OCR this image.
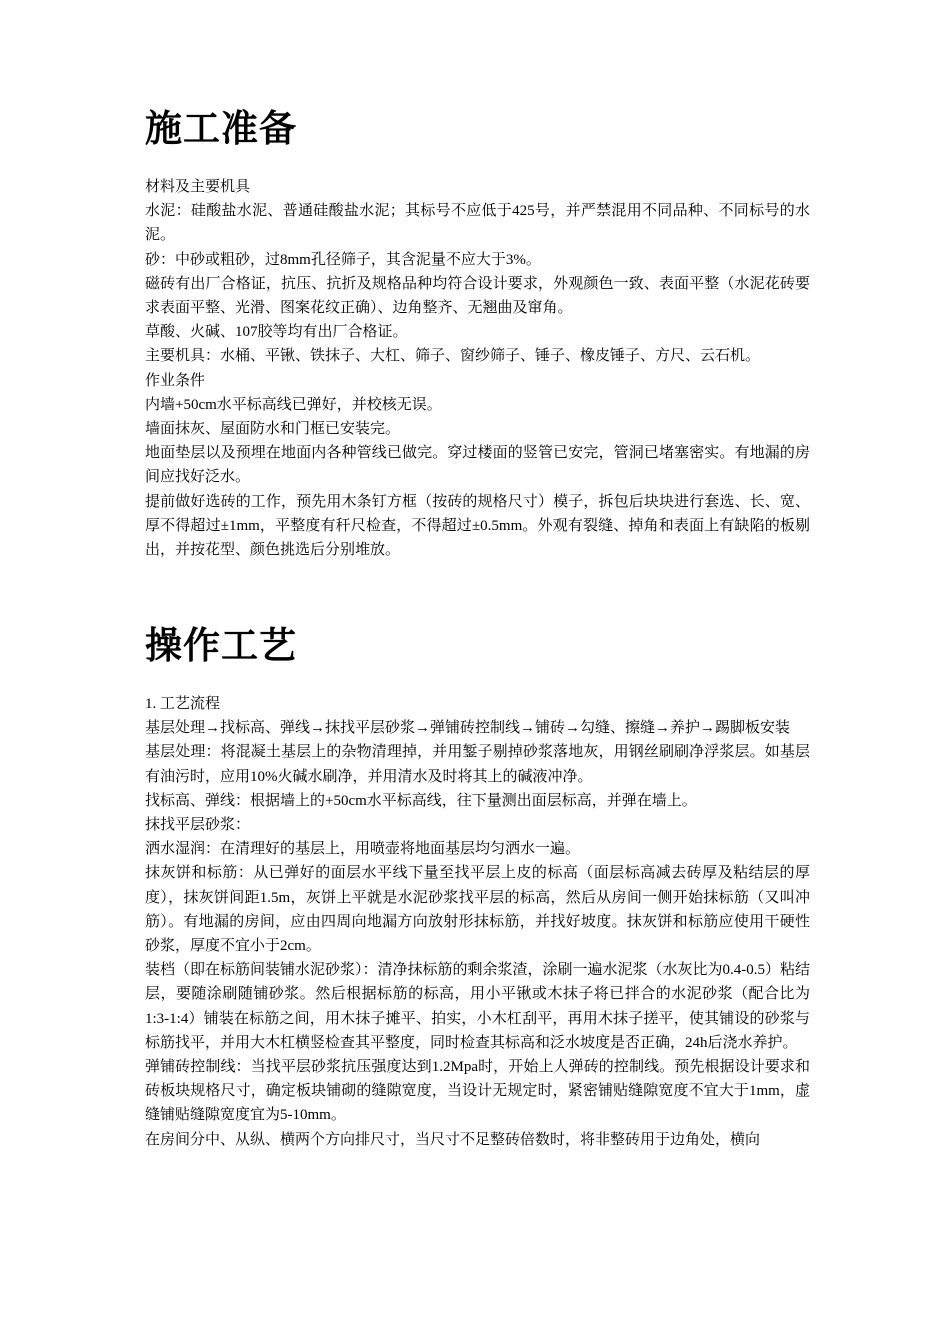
施工准备

材料及主要机具

水泥：硅酸盐水泥、普通硅酸盐水泥；其标号不应低于425号，并严禁混用不同品种、不同标号的水泥。

砂：中砂或粗砂，过8mm孔径筛子，其含泥量不应大于3%。

磁砖有出厂合格证，抗压、抗折及规格品种均符合设计要求，外观颜色一致、表面平整（水泥花砖要求表面平整、光滑、图案花纹正确）、边角整齐、无翘曲及窜角。

草酸、火碱、107胶等均有出厂合格证。

主要机具：水桶、平锹、铁抹子、大杠、筛子、窗纱筛子、锤子、橡皮锤子、方尺、云石机。

作业条件

内墙+50cm水平标高线已弹好，并校核无误。

墙面抹灰、屋面防水和门框已安装完。

地面垫层以及预埋在地面内各种管线已做完。穿过楼面的竖管已安完，管洞已堵塞密实。有地漏的房间应找好泛水。

提前做好选砖的工作，预先用木条钉方框（按砖的规格尺寸）模子，拆包后块块进行套选、长、宽、厚不得超过±1mm，平整度有秆尺检查，不得超过±0.5mm。外观有裂缝、掉角和表面上有缺陷的板剔出，并按花型、颜色挑选后分别堆放。

操作工艺

1. 工艺流程

基层处理→找标高、弹线→抹找平层砂浆→弹铺砖控制线→铺砖→勾缝、擦缝→养护→踢脚板安装

基层处理：将混凝土基层上的杂物清理掉，并用錾子剔掉砂浆落地灰，用钢丝刷刷净浮浆层。如基层有油污时，应用10%火碱水刷净，并用清水及时将其上的碱液冲净。

找标高、弹线：根据墙上的+50cm水平标高线，往下量测出面层标高，并弹在墙上。

抹找平层砂浆：

洒水湿润：在清理好的基层上，用喷壶将地面基层均匀洒水一遍。

抹灰饼和标筋：从已弹好的面层水平线下量至找平层上皮的标高（面层标高减去砖厚及粘结层的厚度），抹灰饼间距1.5m，灰饼上平就是水泥砂浆找平层的标高，然后从房间一侧开始抹标筋（又叫冲筋）。有地漏的房间，应由四周向地漏方向放射形抹标筋，并找好坡度。抹灰饼和标筋应使用干硬性砂浆，厚度不宜小于2cm。

装档（即在标筋间装铺水泥砂浆）：清净抹标筋的剩余浆渣，涂刷一遍水泥浆（水灰比为0.4-0.5）粘结层，要随涂刷随铺砂浆。然后根据标筋的标高，用小平锹或木抹子将已拌合的水泥砂浆（配合比为1:3-1:4）铺装在标筋之间，用木抹子摊平、拍实，小木杠刮平，再用木抹子搓平，使其铺设的砂浆与标筋找平，并用大木杠横竖检查其平整度，同时检查其标高和泛水坡度是否正确，24h后浇水养护。

弹铺砖控制线：当找平层砂浆抗压强度达到1.2Mpa时，开始上人弹砖的控制线。预先根据设计要求和砖板块规格尺寸，确定板块铺砌的缝隙宽度，当设计无规定时，紧密铺贴缝隙宽度不宜大于1mm，虚缝铺贴缝隙宽度宜为5-10mm。

在房间分中、从纵、横两个方向排尺寸，当尺寸不足整砖倍数时，将非整砖用于边角处，横向
